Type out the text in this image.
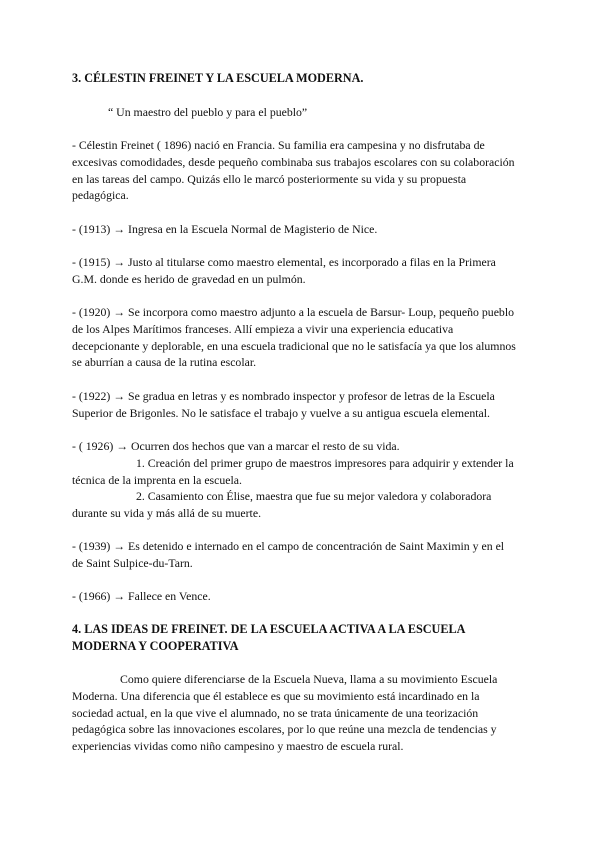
3. CÉLESTIN FREINET Y LA ESCUELA MODERNA.
“ Un maestro del pueblo y para el pueblo”
- Célestin Freinet ( 1896) nació en Francia. Su familia era campesina y no disfrutaba de
excesivas comodidades, desde pequeño combinaba sus trabajos escolares con su colaboración
en las tareas del campo. Quizás ello le marcó posteriormente su vida y su propuesta
pedagógica.
- (1913) → Ingresa en la Escuela Normal de Magisterio de Nice.
- (1915) → Justo al titularse como maestro elemental, es incorporado a filas en la Primera
G.M. donde es herido de gravedad en un pulmón.
- (1920) → Se incorpora como maestro adjunto a la escuela de Barsur- Loup, pequeño pueblo
de los Alpes Marítimos franceses. Allí empieza a vivir una experiencia educativa
decepcionante y deplorable, en una escuela tradicional que no le satisfacía ya que los alumnos
se aburrían a causa de la rutina escolar.
- (1922) → Se gradua en letras y es nombrado inspector y profesor de letras de la Escuela
Superior de Brigonles. No le satisface el trabajo y vuelve a su antigua escuela elemental.
- ( 1926) → Ocurren dos hechos que van a marcar el resto de su vida.
1. Creación del primer grupo de maestros impresores para adquirir y extender la
técnica de la imprenta en la escuela.
2. Casamiento con Élise, maestra que fue su mejor valedora y colaboradora
durante su vida y más allá de su muerte.
- (1939) → Es detenido e internado en el campo de concentración de Saint Maximin y en el
de Saint Sulpice-du-Tarn.
- (1966) → Fallece en Vence.
4. LAS IDEAS DE FREINET. DE LA ESCUELA ACTIVA A LA ESCUELA
MODERNA Y COOPERATIVA
Como quiere diferenciarse de la Escuela Nueva, llama a su movimiento Escuela
Moderna. Una diferencia que él establece es que su movimiento está incardinado en la
sociedad actual, en la que vive el alumnado, no se trata únicamente de una teorización
pedagógica sobre las innovaciones escolares, por lo que reúne una mezcla de tendencias y
experiencias vividas como niño campesino y maestro de escuela rural.
